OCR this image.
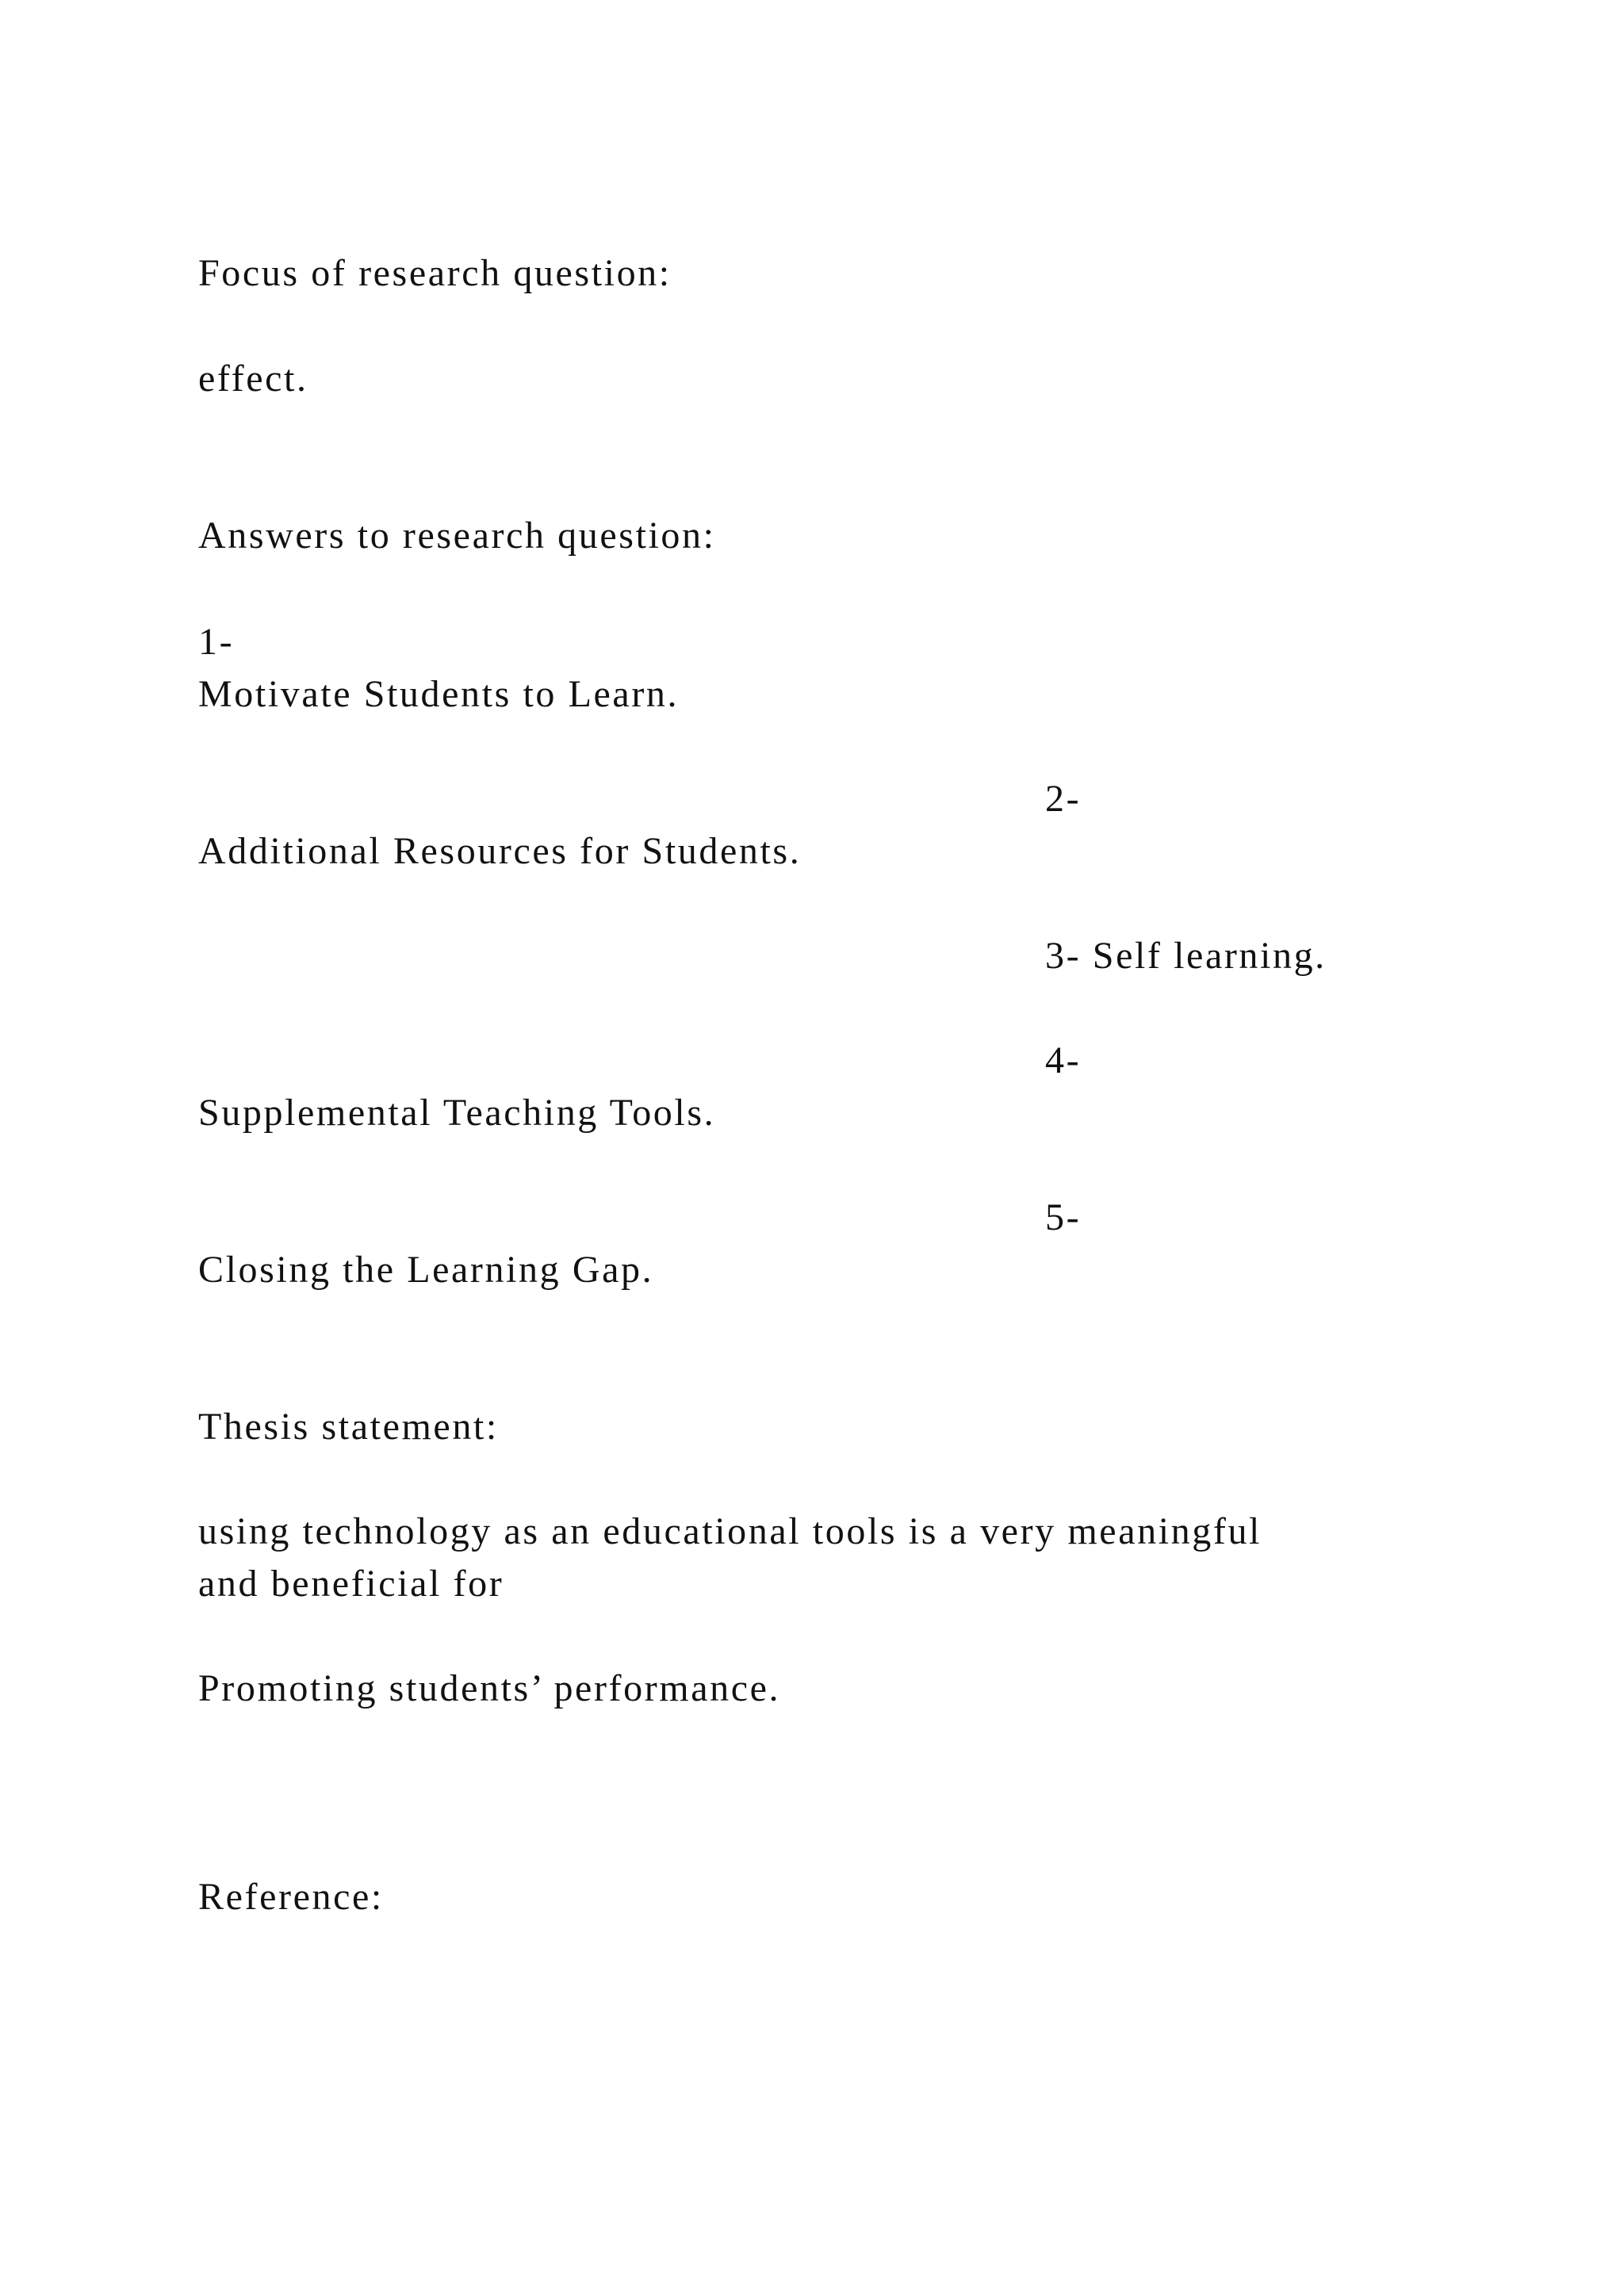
Focus of research question:

effect.

Answers to research question:

1-

Motivate Students to Learn.

2-

Additional Resources for Students.

3- Self learning.

4-

Supplemental Teaching Tools.

5-

Closing the Learning Gap.

Thesis statement:

using technology as an educational tools is a very meaningful

and beneficial for

Promoting students’ performance.

Reference:
